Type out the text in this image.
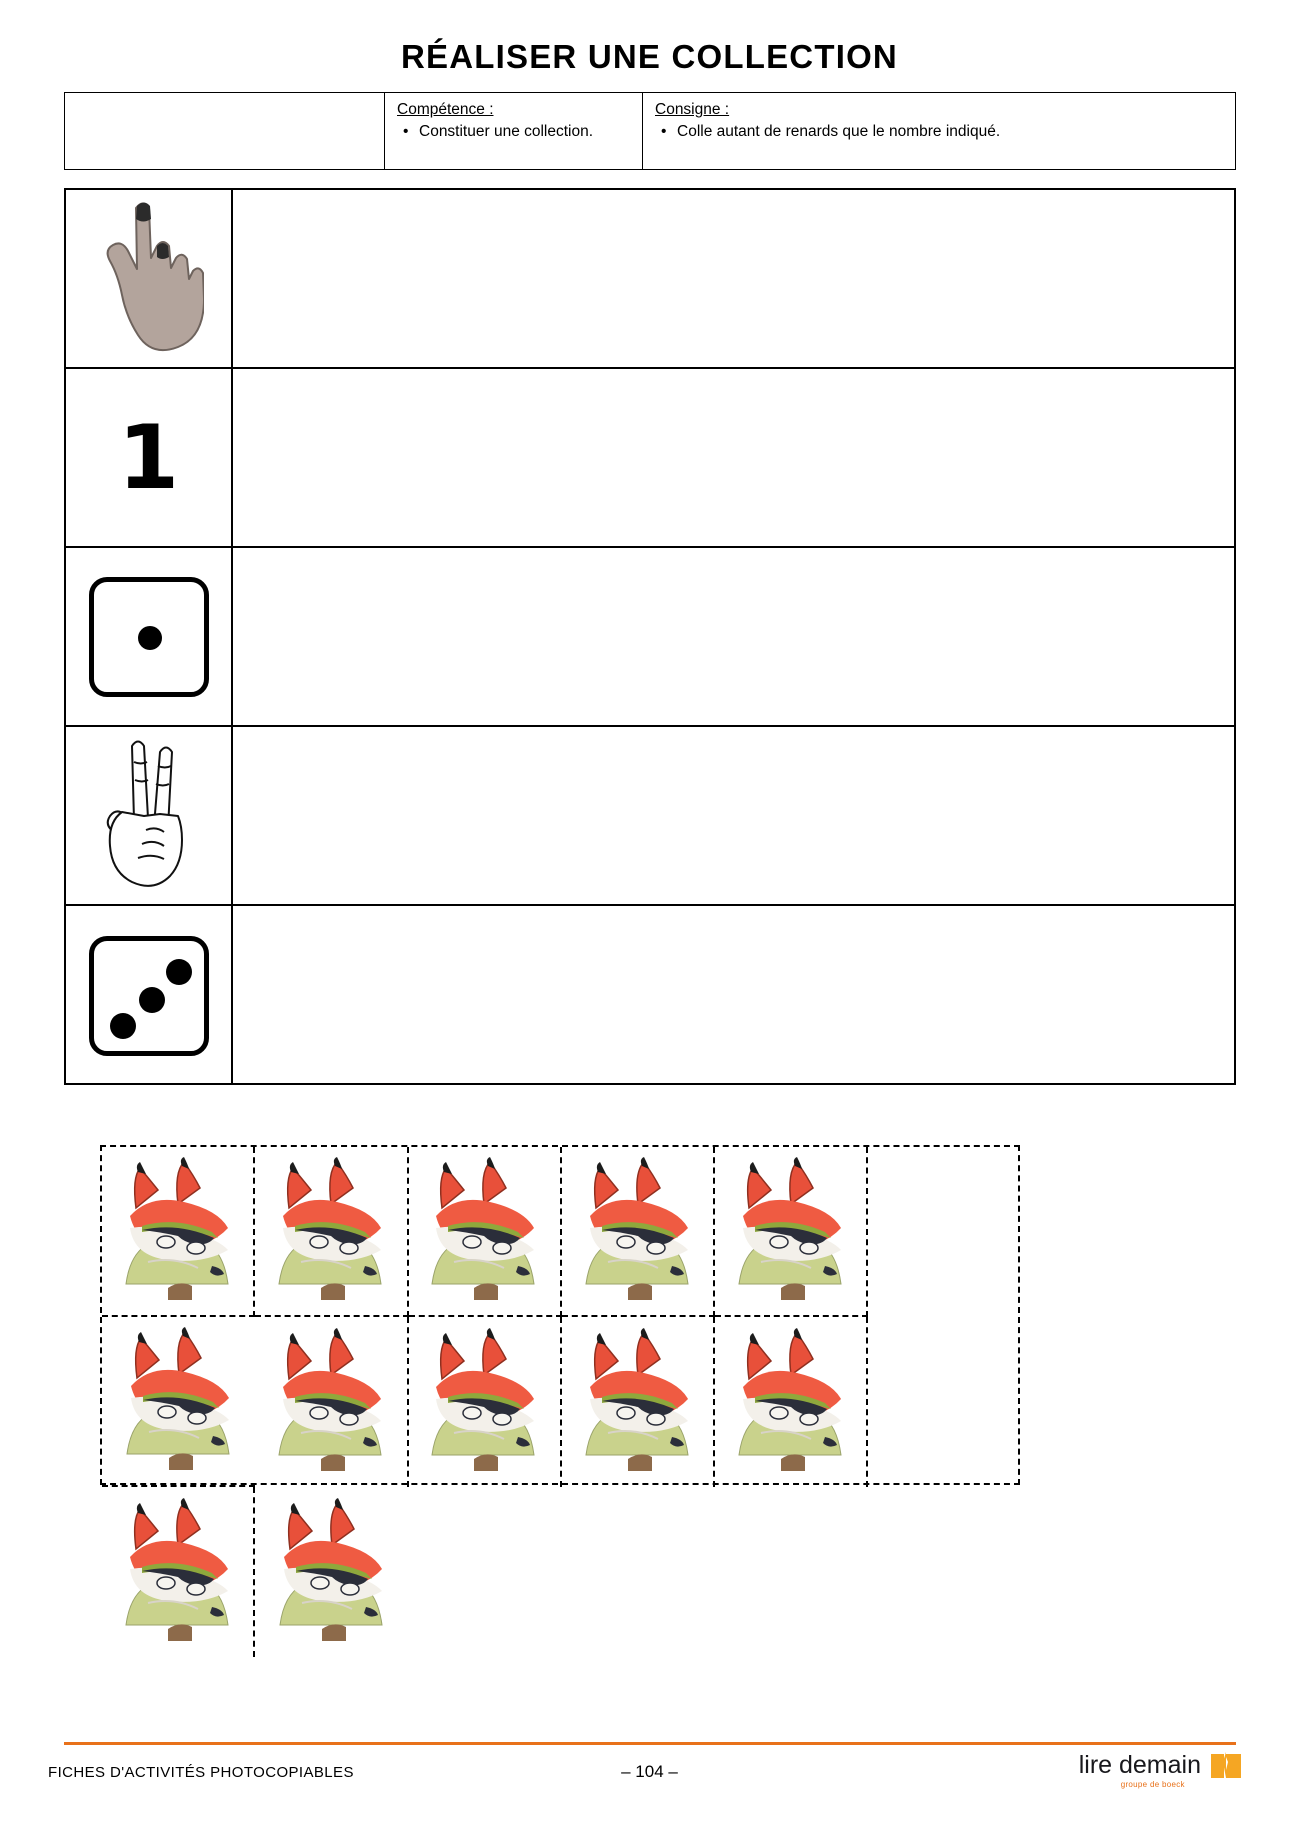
RÉALISER UNE COLLECTION
Compétence :
• Constituer une collection.
Consigne :
• Colle autant de renards que le nombre indiqué.
1
FICHES D'ACTIVITÉS PHOTOCOPIABLES	– 104 –	lire demain
groupe de boeck
